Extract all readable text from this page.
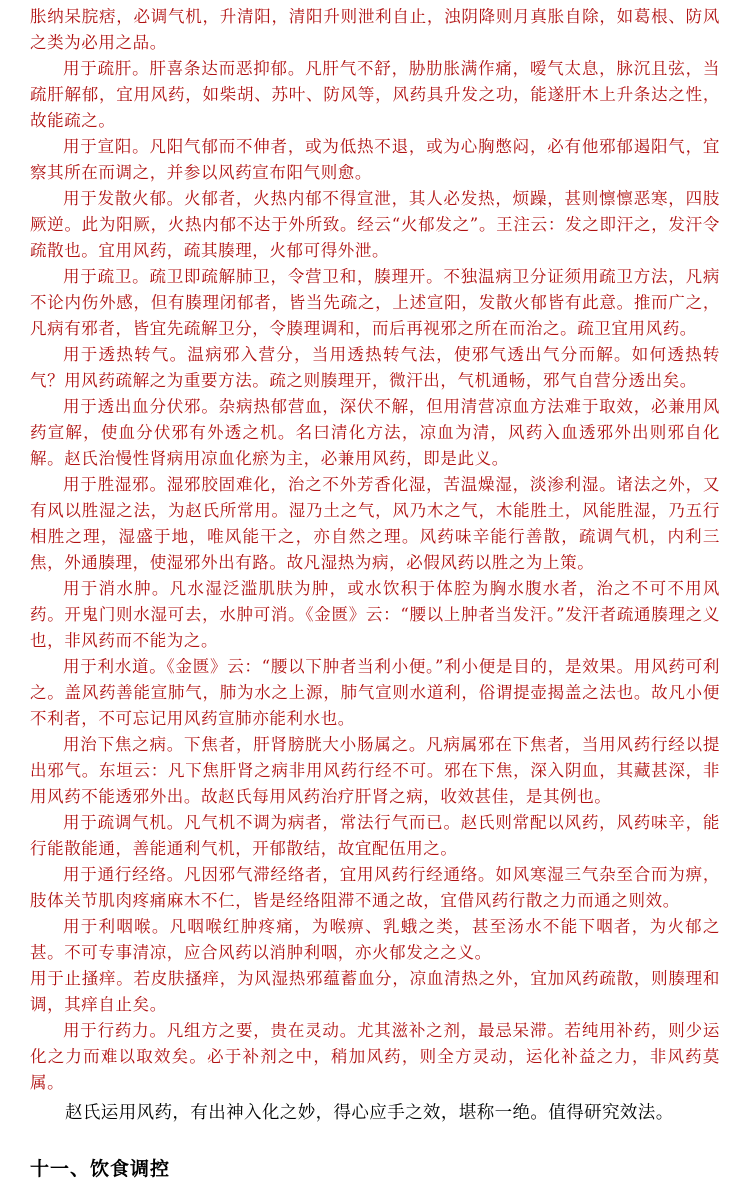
胀纳呆脘痞，必调气机，升清阳，清阳升则泄利自止，浊阴降则月真胀自除，如葛根、防风之类为必用之品。

用于疏肝。肝喜条达而恶抑郁。凡肝气不舒，胁肋胀满作痛，嗳气太息，脉沉且弦，当疏肝解郁，宜用风药，如柴胡、苏叶、防风等，风药具升发之功，能遂肝木上升条达之性，故能疏之。

用于宣阳。凡阳气郁而不伸者，或为低热不退，或为心胸憋闷，必有他邪郁遏阳气，宜察其所在而调之，并参以风药宣布阳气则愈。

用于发散火郁。火郁者，火热内郁不得宣泄，其人必发热，烦躁，甚则懔懔恶寒，四肢厥逆。此为阳厥，火热内郁不达于外所致。经云“火郁发之”。王注云：发之即汗之，发汗令疏散也。宜用风药，疏其腠理，火郁可得外泄。

用于疏卫。疏卫即疏解肺卫，令营卫和，腠理开。不独温病卫分证须用疏卫方法，凡病不论内伤外感，但有腠理闭郁者，皆当先疏之，上述宣阳，发散火郁皆有此意。推而广之，凡病有邪者，皆宜先疏解卫分，令腠理调和，而后再视邪之所在而治之。疏卫宜用风药。

用于透热转气。温病邪入营分，当用透热转气法，使邪气透出气分而解。如何透热转气？用风药疏解之为重要方法。疏之则腠理开，微汗出，气机通畅，邪气自营分透出矣。

用于透出血分伏邪。杂病热郁营血，深伏不解，但用清营凉血方法难于取效，必兼用风药宣解，使血分伏邪有外透之机。名曰清化方法，凉血为清，风药入血透邪外出则邪自化解。赵氏治慢性肾病用凉血化瘀为主，必兼用风药，即是此义。

用于胜湿邪。湿邪胶固难化，治之不外芳香化湿，苦温燥湿，淡渗利湿。诸法之外，又有风以胜湿之法，为赵氏所常用。湿乃土之气，风乃木之气，木能胜土，风能胜湿，乃五行相胜之理，湿盛于地，唯风能干之，亦自然之理。风药味辛能行善散，疏调气机，内利三焦，外通腠理，使湿邪外出有路。故凡湿热为病，必假风药以胜之为上策。

用于消水肿。凡水湿泛滥肌肤为肿，或水饮积于体腔为胸水腹水者，治之不可不用风药。开鬼门则水湿可去，水肿可消。《金匮》云：“腰以上肿者当发汗。”发汗者疏通腠理之义也，非风药而不能为之。

用于利水道。《金匮》云：“腰以下肿者当利小便。”利小便是目的，是效果。用风药可利之。盖风药善能宣肺气，肺为水之上源，肺气宣则水道利，俗谓提壶揭盖之法也。故凡小便不利者，不可忘记用风药宣肺亦能利水也。

用治下焦之病。下焦者，肝肾膀胱大小肠属之。凡病属邪在下焦者，当用风药行经以提出邪气。东垣云：凡下焦肝肾之病非用风药行经不可。邪在下焦，深入阴血，其藏甚深，非用风药不能透邪外出。故赵氏每用风药治疗肝肾之病，收效甚佳，是其例也。

用于疏调气机。凡气机不调为病者，常法行气而已。赵氏则常配以风药，风药味辛，能行能散能通，善能通利气机，开郁散结，故宜配伍用之。

用于通行经络。凡因邪气滞经络者，宜用风药行经通络。如风寒湿三气杂至合而为痹，肢体关节肌肉疼痛麻木不仁，皆是经络阻滞不通之故，宜借风药行散之力而通之则效。

用于利咽喉。凡咽喉红肿疼痛，为喉痹、乳蛾之类，甚至汤水不能下咽者，为火郁之甚。不可专事清凉，应合风药以消肿利咽，亦火郁发之之义。

用于止搔痒。若皮肤搔痒，为风湿热邪蕴蓄血分，凉血清热之外，宜加风药疏散，则腠理和调，其痒自止矣。

用于行药力。凡组方之要，贵在灵动。尤其滋补之剂，最忌呆滞。若纯用补药，则少运化之力而难以取效矣。必于补剂之中，稍加风药，则全方灵动，运化补益之力，非风药莫属。

赵氏运用风药，有出神入化之妙，得心应手之效，堪称一绝。值得研究效法。

十一、饮食调控
